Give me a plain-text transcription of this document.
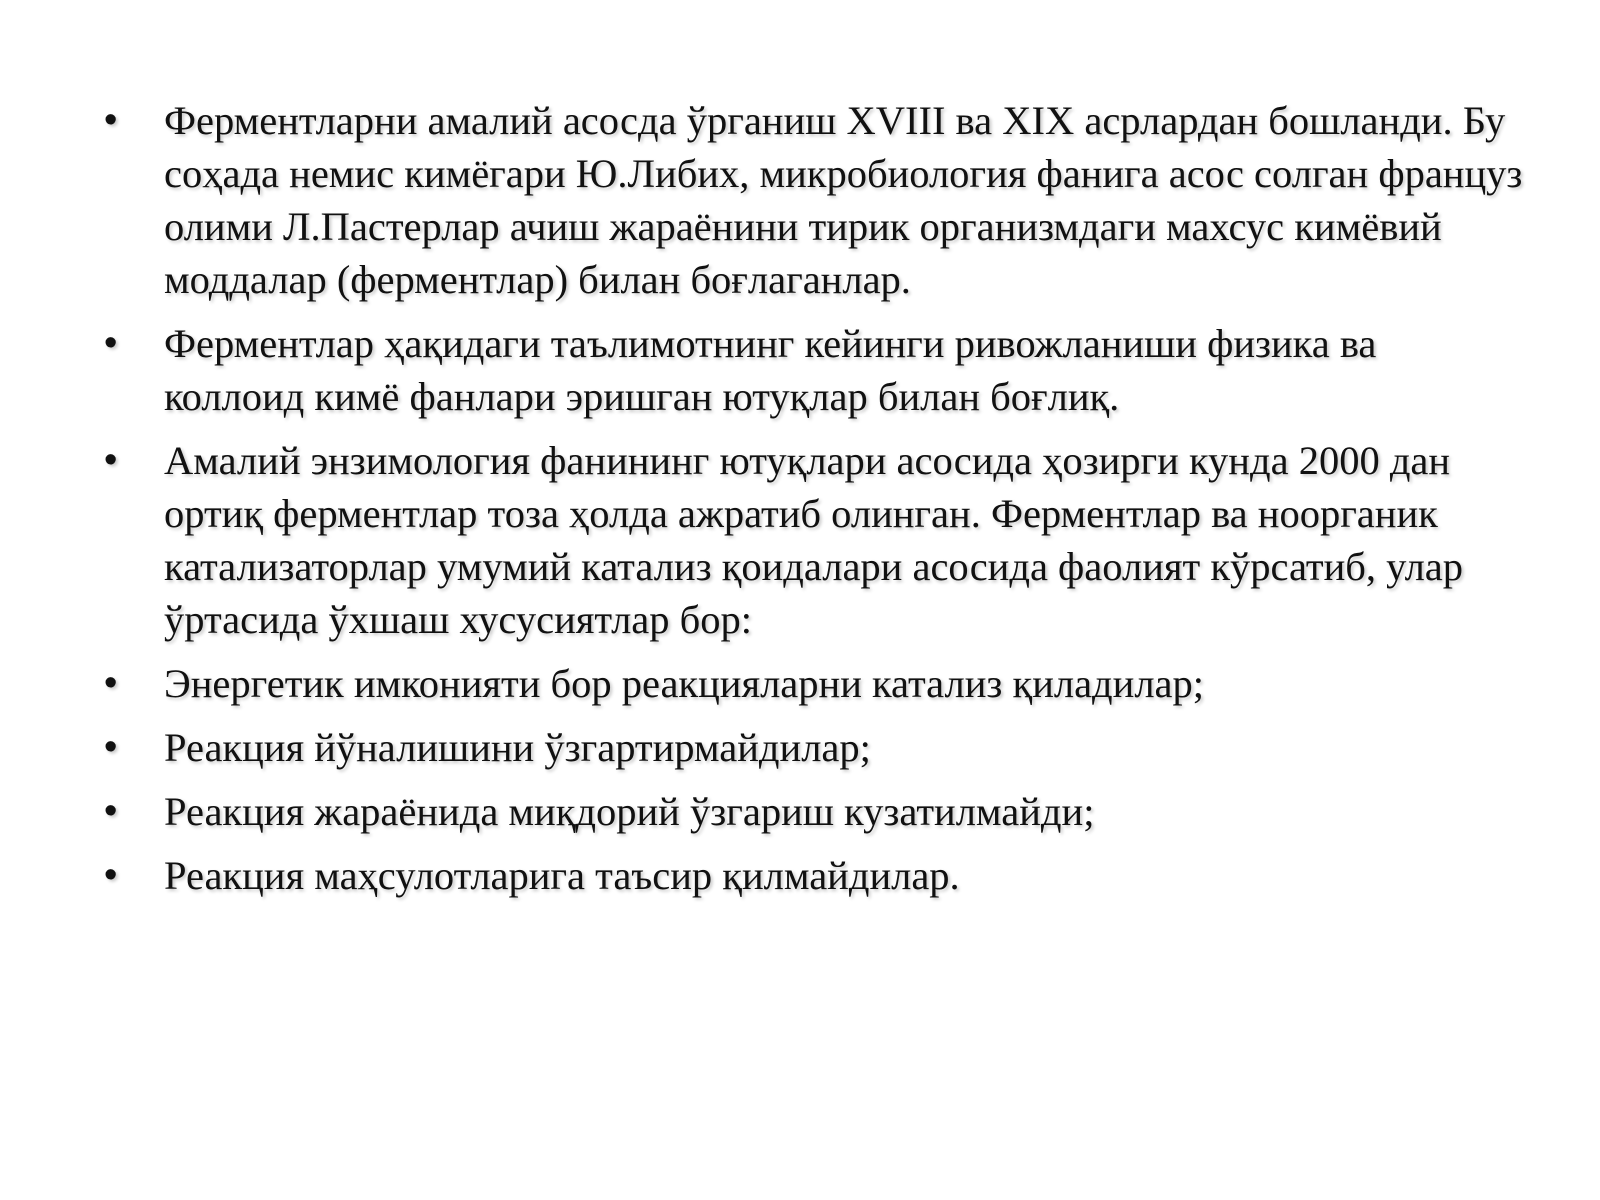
•	Ферментларни амалий асосда ўрганиш XVIII ва XIX асрлардан бошланди. Бу соҳада немис кимёгари Ю.Либих, микробиология фанига асос солган француз олими Л.Пастерлар ачиш жараёнини тирик организмдаги махсус кимёвий моддалар (ферментлар) билан боғлаганлар.
•	Ферментлар ҳақидаги таълимотнинг кейинги ривожланиши физика ва коллоид кимё фанлари эришган ютуқлар билан боғлиқ.
•	Амалий энзимология фанининг ютуқлари асосида ҳозирги кунда 2000 дан ортиқ ферментлар тоза ҳолда ажратиб олинган. Ферментлар ва ноорганик катализаторлар умумий катализ қоидалари асосида фаолият кўрсатиб, улар ўртасида ўхшаш хусусиятлар бор:
•	Энергетик имконияти бор реакцияларни катализ қиладилар;
•	Реакция йўналишини ўзгартирмайдилар;
•	Реакция жараёнида миқдорий ўзгариш кузатилмайди;
•	Реакция маҳсулотларига таъсир қилмайдилар.
